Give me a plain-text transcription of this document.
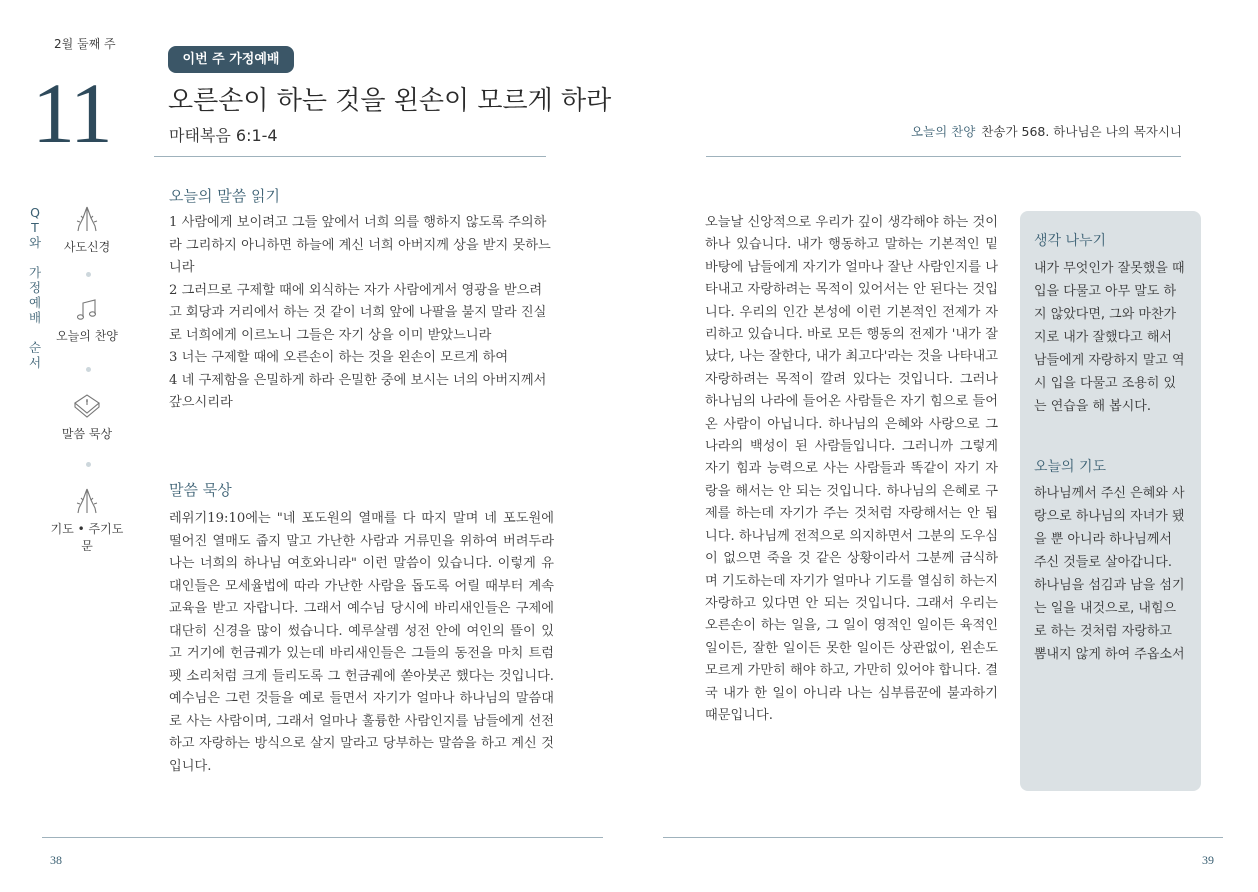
2월 둘째 주
11
이번 주 가정예배
오른손이 하는 것을 왼손이 모르게 하라
마태복음 6:1-4	오늘의 찬양 찬송가 568. 하나님은 나의 목자시니
Q
T
와
가
정
예
배
순
서
사도신경
오늘의 찬양
말씀 묵상
기도 • 주기도문
오늘의 말씀 읽기

1 사람에게 보이려고 그들 앞에서 너희 의를 행하지 않도록 주의하라 그리하지 아니하면 하늘에 계신 너희 아버지께 상을 받지 못하느니라

2 그러므로 구제할 때에 외식하는 자가 사람에게서 영광을 받으려고 회당과 거리에서 하는 것 같이 너희 앞에 나팔을 불지 말라 진실로 너희에게 이르노니 그들은 자기 상을 이미 받았느니라

3 너는 구제할 때에 오른손이 하는 것을 왼손이 모르게 하여

4 네 구제함을 은밀하게 하라 은밀한 중에 보시는 너의 아버지께서 갚으시리라

말씀 묵상
레위기19:10에는 "네 포도원의 열매를 다 따지 말며 네 포도원에 떨어진 열매도 줍지 말고 가난한 사람과 거류민을 위하여 버려두라 나는 너희의 하나님 여호와니라" 이런 말씀이 있습니다. 이렇게 유대인들은 모세율법에 따라 가난한 사람을 돕도록 어릴 때부터 계속 교육을 받고 자랍니다. 그래서 예수님 당시에 바리새인들은 구제에 대단히 신경을 많이 썼습니다. 예루살렘 성전 안에 여인의 뜰이 있고 거기에 헌금궤가 있는데 바리새인들은 그들의 동전을 마치 트럼펫 소리처럼 크게 들리도록 그 헌금궤에 쏟아붓곤 했다는 것입니다. 예수님은 그런 것들을 예로 들면서 자기가 얼마나 하나님의 말씀대로 사는 사람이며, 그래서 얼마나 훌륭한 사람인지를 남들에게 선전하고 자랑하는 방식으로 살지 말라고 당부하는 말씀을 하고 계신 것입니다.
오늘날 신앙적으로 우리가 깊이 생각해야 하는 것이 하나 있습니다. 내가 행동하고 말하는 기본적인 밑바탕에 남들에게 자기가 얼마나 잘난 사람인지를 나타내고 자랑하려는 목적이 있어서는 안 된다는 것입니다. 우리의 인간 본성에 이런 기본적인 전제가 자리하고 있습니다. 바로 모든 행동의 전제가 '내가 잘났다, 나는 잘한다, 내가 최고다'라는 것을 나타내고 자랑하려는 목적이 깔려 있다는 것입니다. 그러나 하나님의 나라에 들어온 사람들은 자기 힘으로 들어온 사람이 아닙니다. 하나님의 은혜와 사랑으로 그 나라의 백성이 된 사람들입니다. 그러니까 그렇게 자기 힘과 능력으로 사는 사람들과 똑같이 자기 자랑을 해서는 안 되는 것입니다. 하나님의 은혜로 구제를 하는데 자기가 주는 것처럼 자랑해서는 안 됩니다. 하나님께 전적으로 의지하면서 그분의 도우심이 없으면 죽을 것 같은 상황이라서 그분께 금식하며 기도하는데 자기가 얼마나 기도를 열심히 하는지 자랑하고 있다면 안 되는 것입니다. 그래서 우리는 오른손이 하는 일을, 그 일이 영적인 일이든 육적인 일이든, 잘한 일이든 못한 일이든 상관없이, 왼손도 모르게 가만히 해야 하고, 가만히 있어야 합니다. 결국 내가 한 일이 아니라 나는 심부름꾼에 불과하기 때문입니다.
생각 나누기
내가 무엇인가 잘못했을 때 입을 다물고 아무 말도 하지 않았다면, 그와 마찬가지로 내가 잘했다고 해서 남들에게 자랑하지 말고 역시 입을 다물고 조용히 있는 연습을 해 봅시다.
오늘의 기도
하나님께서 주신 은혜와 사랑으로 하나님의 자녀가 됐을 뿐 아니라 하나님께서 주신 것들로 살아갑니다. 하나님을 섬김과 남을 섬기는 일을 내것으로, 내힘으로 하는 것처럼 자랑하고 뽐내지 않게 하여 주옵소서
38	39
